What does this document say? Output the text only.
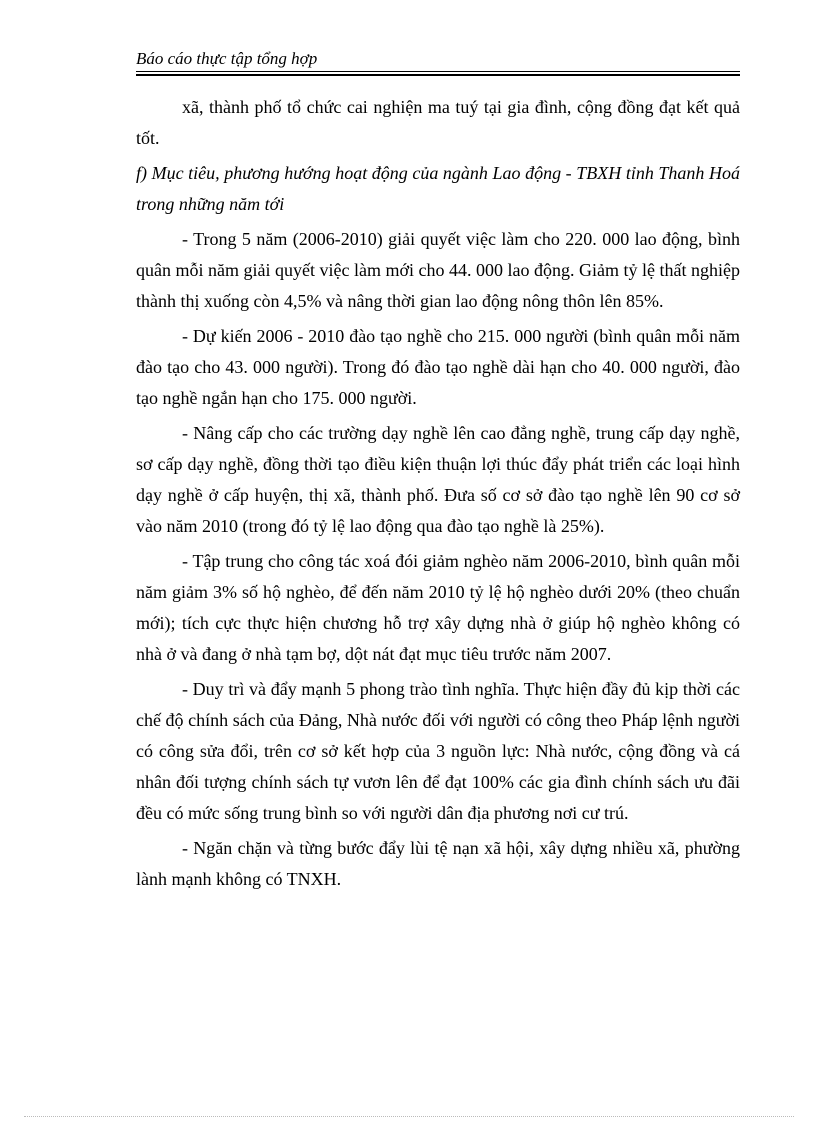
Báo cáo thực tập tổng hợp

xã, thành phố tổ chức cai nghiện ma tuý tại gia đình, cộng đồng đạt kết quả tốt.

f) Mục tiêu, phương hướng hoạt động của ngành Lao động - TBXH tỉnh Thanh Hoá trong những năm tới

- Trong 5 năm (2006-2010) giải quyết việc làm cho 220. 000 lao động, bình quân mỗi năm giải quyết việc làm mới cho 44. 000 lao động. Giảm tỷ lệ thất nghiệp thành thị xuống còn 4,5% và nâng thời gian lao động nông thôn lên 85%.

- Dự kiến 2006 - 2010 đào tạo nghề cho 215. 000 người (bình quân mỗi năm đào tạo cho 43. 000 người). Trong đó đào tạo nghề dài hạn cho 40. 000 người, đào tạo nghề ngắn hạn cho 175. 000 người.

- Nâng cấp cho các trường dạy nghề lên cao đẳng nghề, trung cấp dạy nghề, sơ cấp dạy nghề, đồng thời tạo điều kiện thuận lợi thúc đẩy phát triển các loại hình dạy nghề ở cấp huyện, thị xã, thành phố. Đưa số cơ sở đào tạo nghề lên 90 cơ sở vào năm 2010 (trong đó tỷ lệ lao động qua đào tạo nghề là 25%).

- Tập trung cho công tác xoá đói giảm nghèo năm 2006-2010, bình quân mỗi năm giảm 3% số hộ nghèo, để đến năm 2010 tỷ lệ hộ nghèo dưới 20% (theo chuẩn mới); tích cực thực hiện chương hỗ trợ xây dựng nhà ở giúp hộ nghèo không có nhà ở và đang ở nhà tạm bợ, dột nát đạt mục tiêu trước năm 2007.

- Duy trì và đẩy mạnh 5 phong trào tình nghĩa. Thực hiện đầy đủ kịp thời các chế độ chính sách của Đảng, Nhà nước đối với người có công theo Pháp lệnh người có công sửa đổi, trên cơ sở kết hợp của 3 nguồn lực: Nhà nước, cộng đồng và cá nhân đối tượng chính sách tự vươn lên để đạt 100% các gia đình chính sách ưu đãi đều có mức sống trung bình so với người dân địa phương nơi cư trú.

- Ngăn chặn và từng bước đẩy lùi tệ nạn xã hội, xây dựng nhiều xã, phường lành mạnh không có TNXH.
